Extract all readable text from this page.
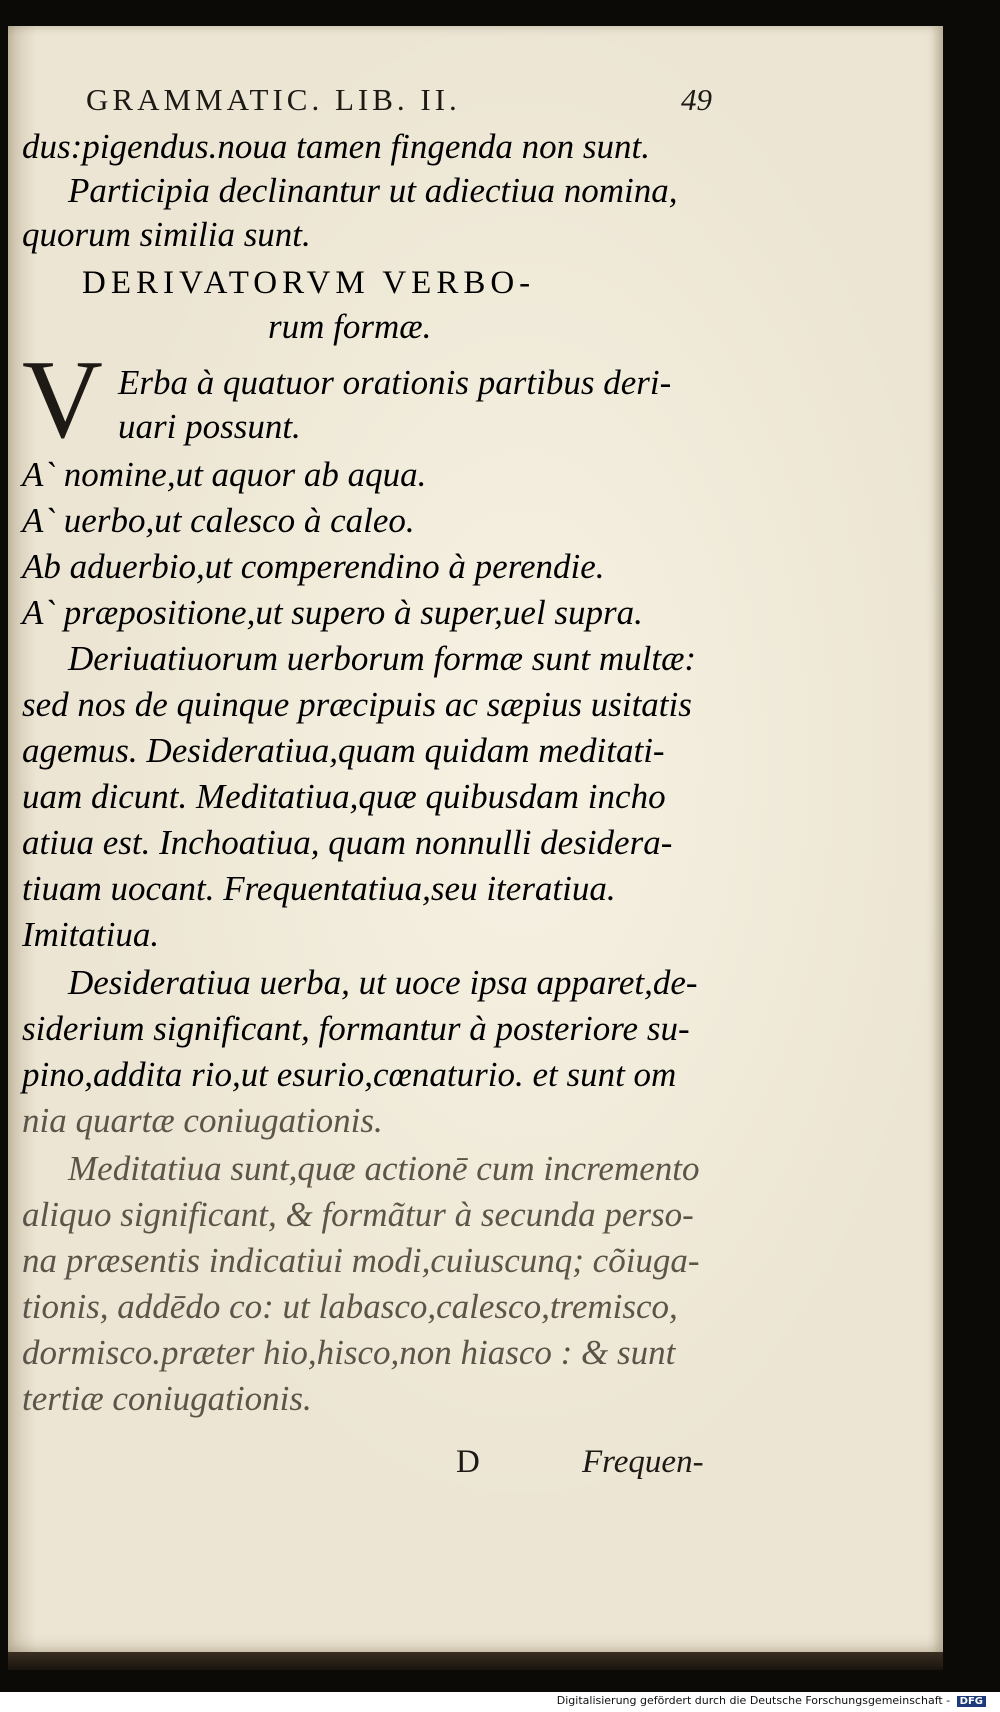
GRAMMATIC. LIB. II.	49
dus:pigendus.noua tamen fingenda non sunt.
Participia declinantur ut adiectiua nomina,
quorum similia sunt.
DERIVATORVM VERBO-
rum formæ.
V Erba à quatuor orationis partibus deri-
uari possunt.
A` nomine,ut aquor ab aqua.
A` uerbo,ut calesco à caleo.
Ab aduerbio,ut comperendino à perendie.
A` præpositione,ut supero à super,uel supra.
Deriuatiuorum uerborum formæ sunt multæ:
sed nos de quinque præcipuis ac sæpius usitatis
agemus. Desideratiua,quam quidam meditati-
uam dicunt. Meditatiua,quæ quibusdam incho
atiua est. Inchoatiua, quam nonnulli desidera-
tiuam uocant. Frequentatiua,seu iteratiua.
Imitatiua.
Desideratiua uerba, ut uoce ipsa apparet,de-
siderium significant, formantur à posteriore su-
pino,addita rio,ut esurio,cœnaturio. et sunt om
nia quartæ coniugationis.
Meditatiua sunt,quæ actionē cum incremento
aliquo significant, & formãtur à secunda perso-
na præsentis indicatiui modi,cuiuscunq; cõiuga-
tionis, addēdo co: ut labasco,calesco,tremisco,
dormisco.præter hio,hisco,non hiasco : & sunt
tertiæ coniugationis.
D	Frequen-
Digitalisierung gefördert durch die Deutsche Forschungsgemeinschaft - DFG
